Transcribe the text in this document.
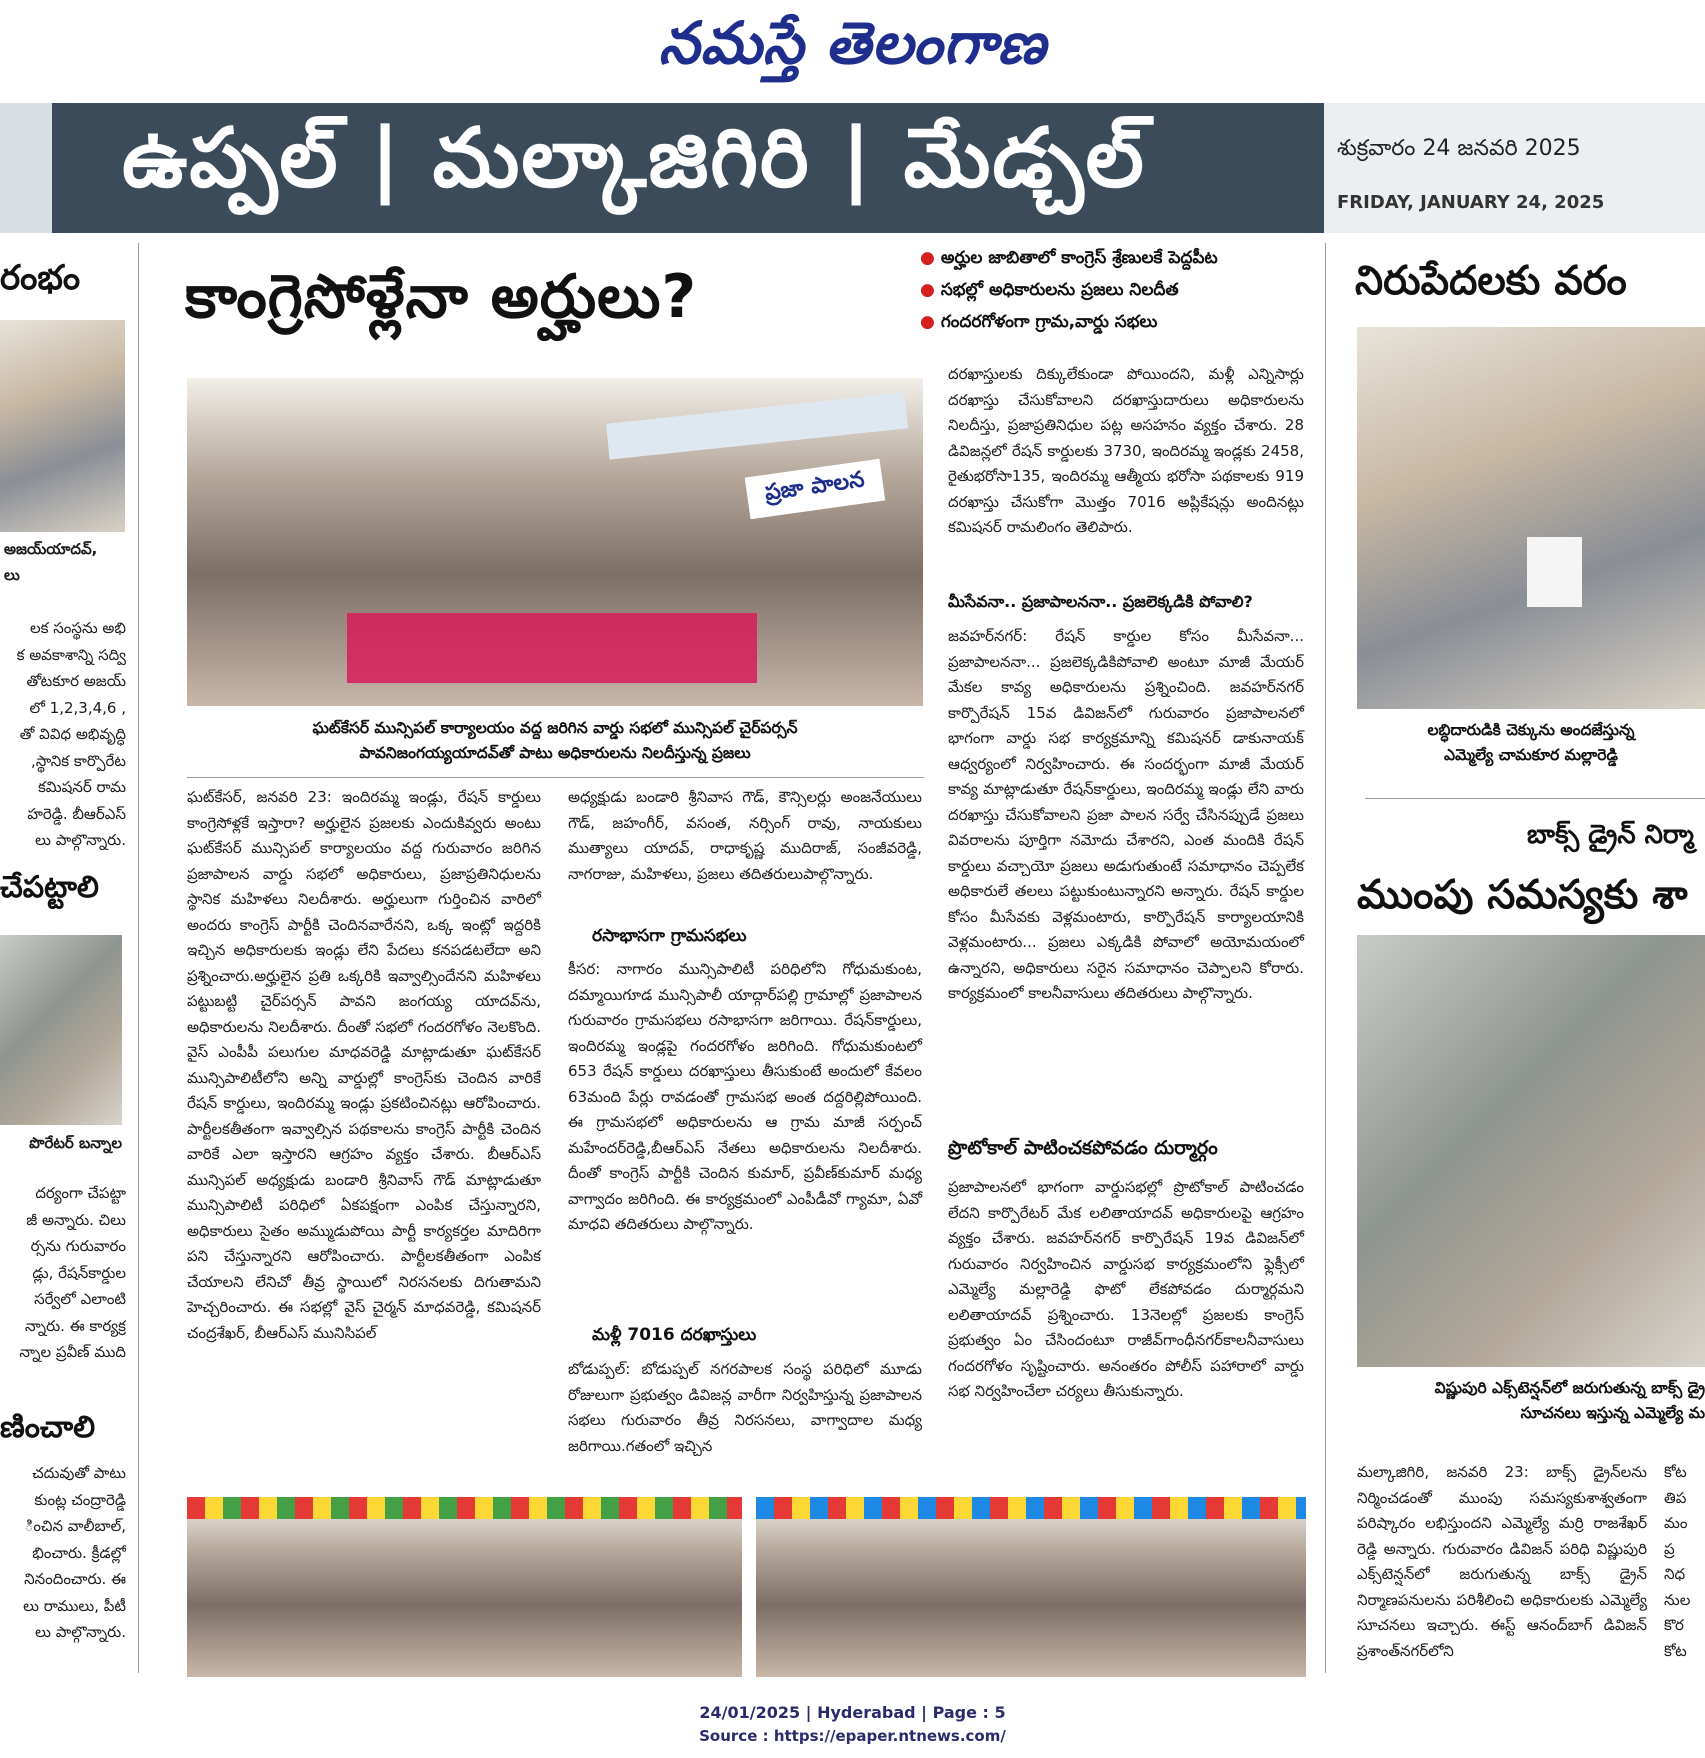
నమస్తే తెలంగాణ
ఉప్పల్ | మల్కాజిగిరి | మేడ్చల్	శుక్రవారం 24 జనవరి 2025
FRIDAY, JANUARY 24, 2025
రంభం
అజయ్‌యాదవ్,
లు
లక సంస్థను అభి
క అవకాశాన్ని సద్వి
తోటకూర అజయ్
లో 1,2,3,4,6 ,
తో వివిధ అభివృద్ధి
,స్థానిక కార్పొరేట
కమిషనర్ రామ
హరెడ్డి. బీఆర్ఎస్
లు పాల్గొన్నారు.
చేపట్టాలి
పొరేటర్ బన్నాల
దర్యంగా చేపట్టా
జీ అన్నారు. చిలు
ర్సను గురువారం
డ్లు, రేషన్‌కార్డుల
సర్వేలో ఎలాంటి
న్నారు. ఈ కార్యక్ర
న్నాల ప్రవీణ్ ముది
ణించాలి
చదువుతో పాటు
కుంట్ల చంద్రారెడ్డి
ించిన వాలీబాల్,
భించారు. క్రీడల్లో
నినందించారు. ఈ
లు రాములు, పీటీ
లు పాల్గొన్నారు.
కాంగ్రెసోళ్లేనా అర్హులు?
● అర్హుల జాబితాలో కాంగ్రెస్ శ్రేణులకే పెద్దపీట
● సభల్లో అధికారులను ప్రజలు నిలదీత
● గందరగోళంగా గ్రామ,వార్డు సభలు
ప్రజా పాలన
ఘట్‌కేసర్ మున్సిపల్ కార్యాలయం వద్ద జరిగిన వార్డు సభలో మున్సిపల్ చైర్‌పర్సన్
పావనిజంగయ్యయాదవ్‌తో పాటు అధికారులను నిలదీస్తున్న ప్రజలు
ఘట్‌కేసర్, జనవరి 23: ఇందిరమ్మ ఇండ్లు, రేషన్ కార్డులు కాంగ్రెసోళ్లకే ఇస్తారా? అర్హులైన ప్రజలకు ఎందుకివ్వరు అంటు ఘట్‌కేసర్ మున్సిపల్ కార్యాలయం వద్ద గురువారం జరిగిన ప్రజాపాలన వార్డు సభలో అధికారులు, ప్రజాప్రతినిధులను స్థానిక మహిళలు నిలదీశారు. అర్హులుగా గుర్తించిన వారిలో అందరు కాంగ్రెస్ పార్టీకి చెందినవారేనని, ఒక్క ఇంట్లో ఇద్దరికి ఇచ్చిన అధికారులకు ఇండ్లు లేని పేదలు కనపడటలేదా అని ప్రశ్నించారు.అర్హులైన ప్రతి ఒక్కరికి ఇవ్వాల్సిందేనని మహిళలు పట్టుబట్టి చైర్‌పర్సన్ పావని జంగయ్య యాదవ్‌ను, అధికారులను నిలదీశారు. దీంతో సభలో గందరగోళం నెలకొంది. వైస్ ఎంపీపీ పలుగుల మాధవరెడ్డి మాట్లాడుతూ ఘట్‌కేసర్ మున్సిపాలిటీలోని అన్ని వార్డుల్లో కాంగ్రెస్‌కు చెందిన వారికే రేషన్ కార్డులు, ఇందిరమ్మ ఇండ్లు ప్రకటించినట్లు ఆరోపించారు. పార్టీలకతీతంగా ఇవ్వాల్సిన పథకాలను కాంగ్రెస్ పార్టీకి చెందిన వారికే ఎలా ఇస్తారని ఆగ్రహం వ్యక్తం చేశారు. బీఆర్ఎస్ మున్సిపల్ అధ్యక్షుడు బండారి శ్రీనివాస్ గౌడ్ మాట్లాడుతూ మున్సిపాలిటీ పరిధిలో ఏకపక్షంగా ఎంపిక చేస్తున్నారని, అధికారులు సైతం అమ్ముడుపోయి పార్టీ కార్యకర్తల మాదిరిగా పని చేస్తున్నారని ఆరోపించారు. పార్టీలకతీతంగా ఎంపిక చేయాలని లేనిచో తీవ్ర స్థాయిలో నిరసనలకు దిగుతామని హెచ్చరించారు. ఈ సభల్లో వైస్ చైర్మన్ మాధవరెడ్డి, కమిషనర్ చంద్రశేఖర్, బీఆర్ఎస్ మునిసిపల్
అధ్యక్షుడు బండారి శ్రీనివాస గౌడ్, కౌన్సిలర్లు అంజనేయులు గౌడ్, జహంగీర్, వసంత, నర్సింగ్ రావు, నాయకులు ముత్యాలు యాదవ్, రాధాకృష్ణ ముదిరాజ్, సంజీవరెడ్డి, నాగరాజు, మహిళలు, ప్రజలు తదితరులుపాల్గొన్నారు.
రసాభాసగా గ్రామసభలు
కీసర: నాగారం మున్సిపాలిటీ పరిధిలోని గోధుమకుంట, దమ్మాయిగూడ మున్సిపాలీ యాద్గార్‌పల్లి గ్రామాల్లో ప్రజాపాలన గురువారం గ్రామసభలు రసాభాసగా జరిగాయి. రేషన్‌కార్డులు, ఇందిరమ్మ ఇండ్లపై గందరగోళం జరిగింది. గోధుమకుంటలో 653 రేషన్ కార్డులు దరఖాస్తులు తీసుకుంటే అందులో కేవలం 63మంది పేర్లు రావడంతో గ్రామసభ అంత దద్దరిల్లిపోయింది. ఈ గ్రామసభలో అధికారులను ఆ గ్రామ మాజీ సర్పంచ్ మహేందర్‌రెడ్డి,బీఆర్ఎస్ నేతలు అధికారులను నిలదీశారు. దీంతో కాంగ్రెస్ పార్టీకి చెందిన కుమార్, ప్రవీణ్‌కుమార్ మధ్య వాగ్వాదం జరిగింది. ఈ కార్యక్రమంలో ఎంపీడీవో గ్యామా, ఏవో మాధవి తదితరులు పాల్గొన్నారు.
మళ్లీ 7016 దరఖాస్తులు
బోడుప్పల్: బోడుప్పల్ నగరపాలక సంస్థ పరిధిలో మూడు రోజులుగా ప్రభుత్వం డివిజన్ల వారీగా నిర్వహిస్తున్న ప్రజాపాలన సభలు గురువారం తీవ్ర నిరసనలు, వాగ్వాదాల మధ్య జరిగాయి.గతంలో ఇచ్చిన
దరఖాస్తులకు దిక్కులేకుండా పోయిందని, మళ్లీ ఎన్నిసార్లు దరఖాస్తు చేసుకోవాలని దరఖాస్తుదారులు అధికారులను నిలదీస్తు, ప్రజాప్రతినిధుల పట్ల అసహనం వ్యక్తం చేశారు. 28 డివిజన్లలో రేషన్ కార్డులకు 3730, ఇందిరమ్మ ఇండ్లకు 2458, రైతుభరోసా135, ఇందిరమ్మ ఆత్మీయ భరోసా పథకాలకు 919 దరఖాస్తు చేసుకోగా మొత్తం 7016 అప్లికేషన్లు అందినట్లు కమిషనర్ రామలింగం తెలిపారు.
మీసేవనా.. ప్రజాపాలననా.. ప్రజలెక్కడికి పోవాలి?
జవహర్‌నగర్: రేషన్ కార్డుల కోసం మీసేవనా... ప్రజాపాలననా... ప్రజలెక్కడికిపోవాలి అంటూ మాజీ మేయర్ మేకల కావ్య అధికారులను ప్రశ్నించింది. జవహర్‌నగర్ కార్పొరేషన్ 15వ డివిజన్‌లో గురువారం ప్రజాపాలనలో భాగంగా వార్డు సభ కార్యక్రమాన్ని కమిషనర్ డాకునాయక్ ఆధ్వర్యంలో నిర్వహించారు. ఈ సందర్భంగా మాజీ మేయర్ కావ్య మాట్లాడుతూ రేషన్‌కార్డులు, ఇందిరమ్మ ఇండ్లు లేని వారు దరఖాస్తు చేసుకోవాలని ప్రజా పాలన సర్వే చేసినప్పుడే ప్రజలు వివరాలను పూర్తిగా నమోదు చేశారని, ఎంత మందికి రేషన్ కార్డులు వచ్చాయో ప్రజలు అడుగుతుంటే సమాధానం చెప్పలేక అధికారులే తలలు పట్టుకుంటున్నారని అన్నారు. రేషన్ కార్డుల కోసం మీసేవకు వెళ్లమంటారు, కార్పొరేషన్ కార్యాలయానికి వెళ్లమంటారు... ప్రజలు ఎక్కడికి పోవాలో అయోమయంలో ఉన్నారని, అధికారులు సరైన సమాధానం చెప్పాలని కోరారు. కార్యక్రమంలో కాలనీవాసులు తదితరులు పాల్గొన్నారు.
ప్రొటోకాల్ పాటించకపోవడం దుర్మార్గం
ప్రజాపాలనలో భాగంగా వార్డుసభల్లో ప్రొటోకాల్ పాటించడం లేదని కార్పొరేటర్ మేక లలితాయాదవ్ అధికారులపై ఆగ్రహం వ్యక్తం చేశారు. జవహర్‌నగర్ కార్పొరేషన్ 19వ డివిజన్‌లో గురువారం నిర్వహించిన వార్డుసభ కార్యక్రమంలోని ఫ్లెక్సీలో ఎమ్మెల్యే మల్లారెడ్డి ఫొటో లేకపోవడం దుర్మార్గమని లలితాయాదవ్ ప్రశ్నించారు. 13నెలల్లో ప్రజలకు కాంగ్రెస్ ప్రభుత్వం ఏం చేసిందంటూ రాజీవ్‌గాంధీనగర్‌కాలనీవాసులు గందరగోళం సృష్టించారు. అనంతరం పోలీస్ పహారాలో వార్డు సభ నిర్వహించేలా చర్యలు తీసుకున్నారు.
నిరుపేదలకు వరం
లబ్ధిదారుడికి చెక్కును అందజేస్తున్న
ఎమ్మెల్యే చామకూర మల్లారెడ్డి
బాక్స్ డ్రైన్ నిర్మా
ముంపు సమస్యకు శా
విష్ణుపురి ఎక్స్‌టెన్షన్‌లో జరుగుతున్న బాక్స్ డ్రై
సూచనలు ఇస్తున్న ఎమ్మెల్యే మ
మల్కాజిగిరి, జనవరి 23: బాక్స్ డ్రైన్‌లను నిర్మించడంతో ముంపు సమస్యకుశాశ్వతంగా పరిష్కారం లభిస్తుందని ఎమ్మెల్యే మర్రి రాజశేఖర్ రెడ్డి అన్నారు. గురువారం డివిజన్ పరిధి విష్ణుపురి ఎక్స్‌టెన్షన్‌లో జరుగుతున్న బాక్స్ డ్రైన్ నిర్మాణపనులను పరిశీలించి అధికారులకు ఎమ్మెల్యే సూచనలు ఇచ్చారు. ఈస్ట్ ఆనంద్‌బాగ్ డివిజన్ ప్రశాంత్‌నగర్‌లోని
కోట
తిప
మం
ప్ర
నిధ
నుల
కొర
కోట
24/01/2025 | Hyderabad | Page : 5
Source : https://epaper.ntnews.com/
